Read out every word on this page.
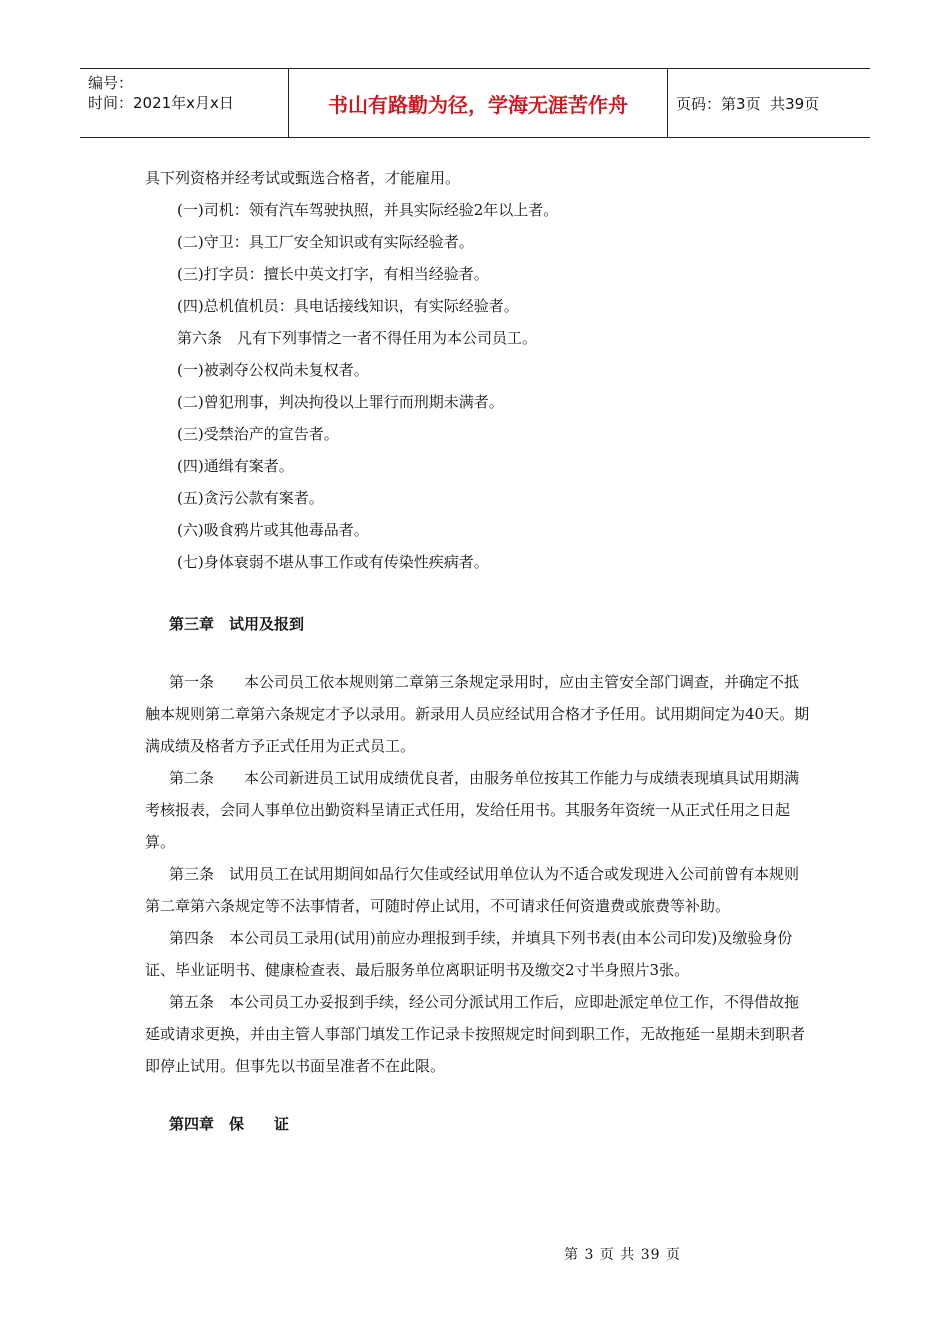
编号：
时间：2021年x月x日	书山有路勤为径，学海无涯苦作舟	页码：第3页  共39页

具下列资格并经考试或甄选合格者，才能雇用。

(一)司机：领有汽车驾驶执照，并具实际经验2年以上者。

(二)守卫：具工厂安全知识或有实际经验者。

(三)打字员：擅长中英文打字，有相当经验者。

(四)总机值机员：具电话接线知识，有实际经验者。

第六条　凡有下列事情之一者不得任用为本公司员工。

(一)被剥夺公权尚未复权者。

(二)曾犯刑事，判决拘役以上罪行而刑期未满者。

(三)受禁治产的宣告者。

(四)通缉有案者。

(五)贪污公款有案者。

(六)吸食鸦片或其他毒品者。

(七)身体衰弱不堪从事工作或有传染性疾病者。

第三章　试用及报到

第一条　　本公司员工依本规则第二章第三条规定录用时，应由主管安全部门调查，并确定不抵触本规则第二章第六条规定才予以录用。新录用人员应经试用合格才予任用。试用期间定为40天。期满成绩及格者方予正式任用为正式员工。

第二条　　本公司新进员工试用成绩优良者，由服务单位按其工作能力与成绩表现填具试用期满考核报表，会同人事单位出勤资料呈请正式任用，发给任用书。其服务年资统一从正式任用之日起算。

第三条　试用员工在试用期间如品行欠佳或经试用单位认为不适合或发现进入公司前曾有本规则第二章第六条规定等不法事情者，可随时停止试用，不可请求任何资遣费或旅费等补助。

第四条　本公司员工录用(试用)前应办理报到手续，并填具下列书表(由本公司印发)及缴验身份证、毕业证明书、健康检查表、最后服务单位离职证明书及缴交2寸半身照片3张。

第五条　本公司员工办妥报到手续，经公司分派试用工作后，应即赴派定单位工作，不得借故拖延或请求更换，并由主管人事部门填发工作记录卡按照规定时间到职工作，无故拖延一星期未到职者即停止试用。但事先以书面呈准者不在此限。

第四章　保　　证

第 3 页 共 39 页
